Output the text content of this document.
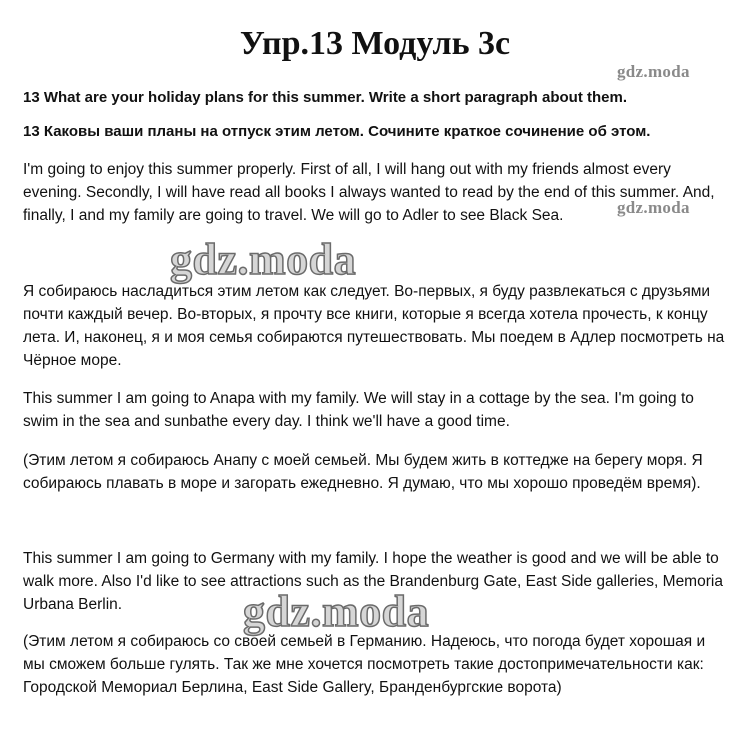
Упр.13 Модуль 3с
gdz.moda

13 What are your holiday plans for this summer. Write a short paragraph about them.

13 Каковы ваши планы на отпуск этим летом. Сочините краткое сочинение об этом.

I'm going to enjoy this summer properly. First of all, I will hang out with my friends almost every evening. Secondly, I will have read all books I always wanted to read by the end of this summer. And, finally, I and my family are going to travel. We will go to Adler to see Black Sea.	gdz.moda
gdz.moda

Я собираюсь насладиться этим летом как следует. Во-первых, я буду развлекаться с друзьями почти каждый вечер. Во-вторых, я прочту все книги, которые я всегда хотела прочесть, к концу лета. И, наконец, я и моя семья собираются путешествовать. Мы поедем в Адлер посмотреть на Чёрное море.

This summer I am going to Anapa with my family. We will stay in a cottage by the sea. I'm going to swim in the sea and sunbathe every day. I think we'll have a good time.

(Этим летом я собираюсь Анапу с моей семьей. Мы будем жить в коттедже на берегу моря. Я собираюсь плавать в море и загорать ежедневно. Я думаю, что мы хорошо проведём время).

This summer I am going to Germany with my family. I hope the weather is good and we will be able to walk more. Also I'd like to see attractions such as the Brandenburg Gate, East Side galleries, Memoria Urbana Berlin.	gdz.moda

(Этим летом я собираюсь со своей семьей в Германию. Надеюсь, что погода будет хорошая и мы сможем больше гулять. Так же мне хочется посмотреть такие достопримечательности как: Городской Мемориал Берлина, East Side Gallery, Бранденбургские ворота)
